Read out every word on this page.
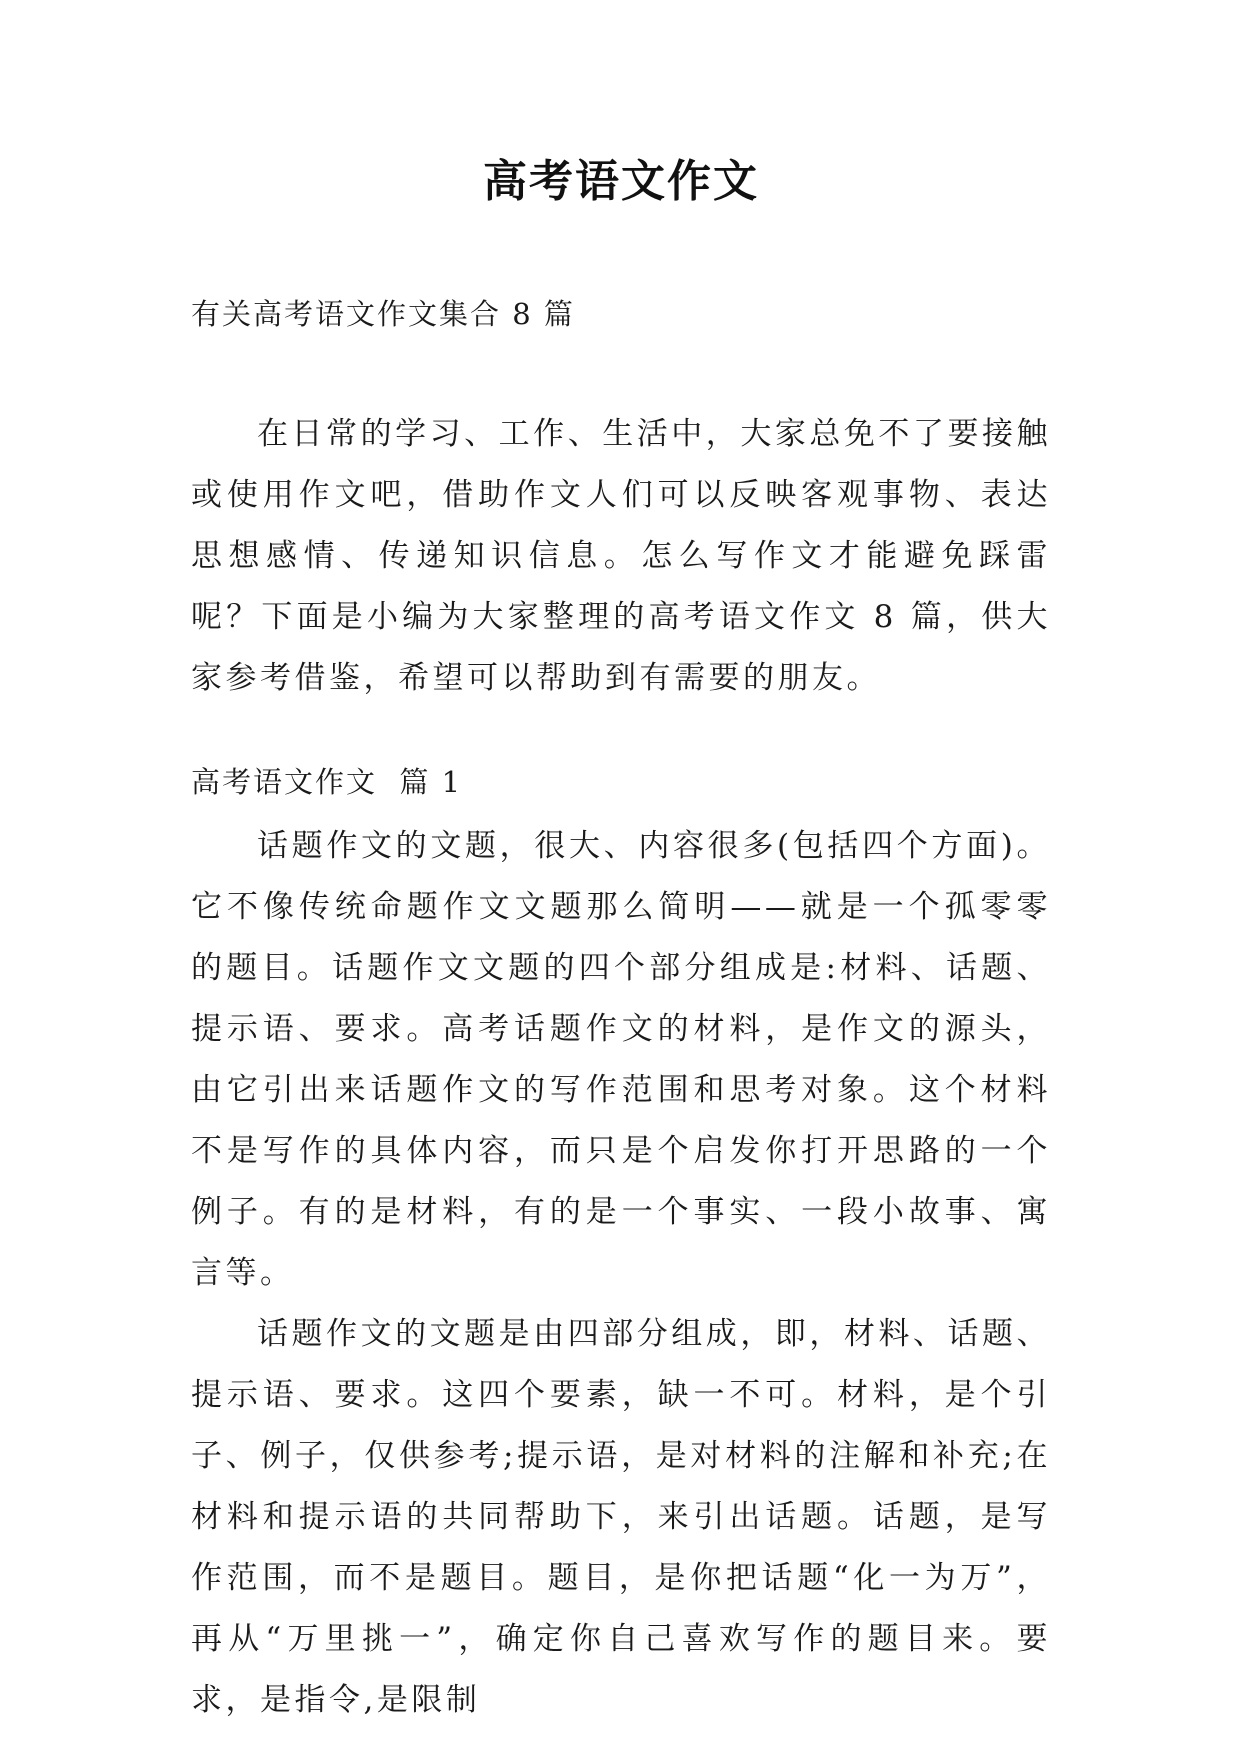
高考语文作文

有关高考语文作文集合 8 篇

在日常的学习、工作、生活中，大家总免不了要接触或使用作文吧，借助作文人们可以反映客观事物、表达思想感情、传递知识信息。怎么写作文才能避免踩雷呢？下面是小编为大家整理的高考语文作文 8 篇，供大家参考借鉴，希望可以帮助到有需要的朋友。

高考语文作文  篇 1

话题作文的文题，很大、内容很多(包括四个方面)。它不像传统命题作文文题那么简明——就是一个孤零零的题目。话题作文文题的四个部分组成是:材料、话题、提示语、要求。高考话题作文的材料，是作文的源头，由它引出来话题作文的写作范围和思考对象。这个材料不是写作的具体内容，而只是个启发你打开思路的一个例子。有的是材料，有的是一个事实、一段小故事、寓言等。

话题作文的文题是由四部分组成，即，材料、话题、提示语、要求。这四个要素，缺一不可。材料，是个引子、例子，仅供参考;提示语，是对材料的注解和补充;在材料和提示语的共同帮助下，来引出话题。话题，是写作范围，而不是题目。题目，是你把话题“化一为万”，再从“万里挑一”，确定你自己喜欢写作的题目来。要求，是指令,是限制
